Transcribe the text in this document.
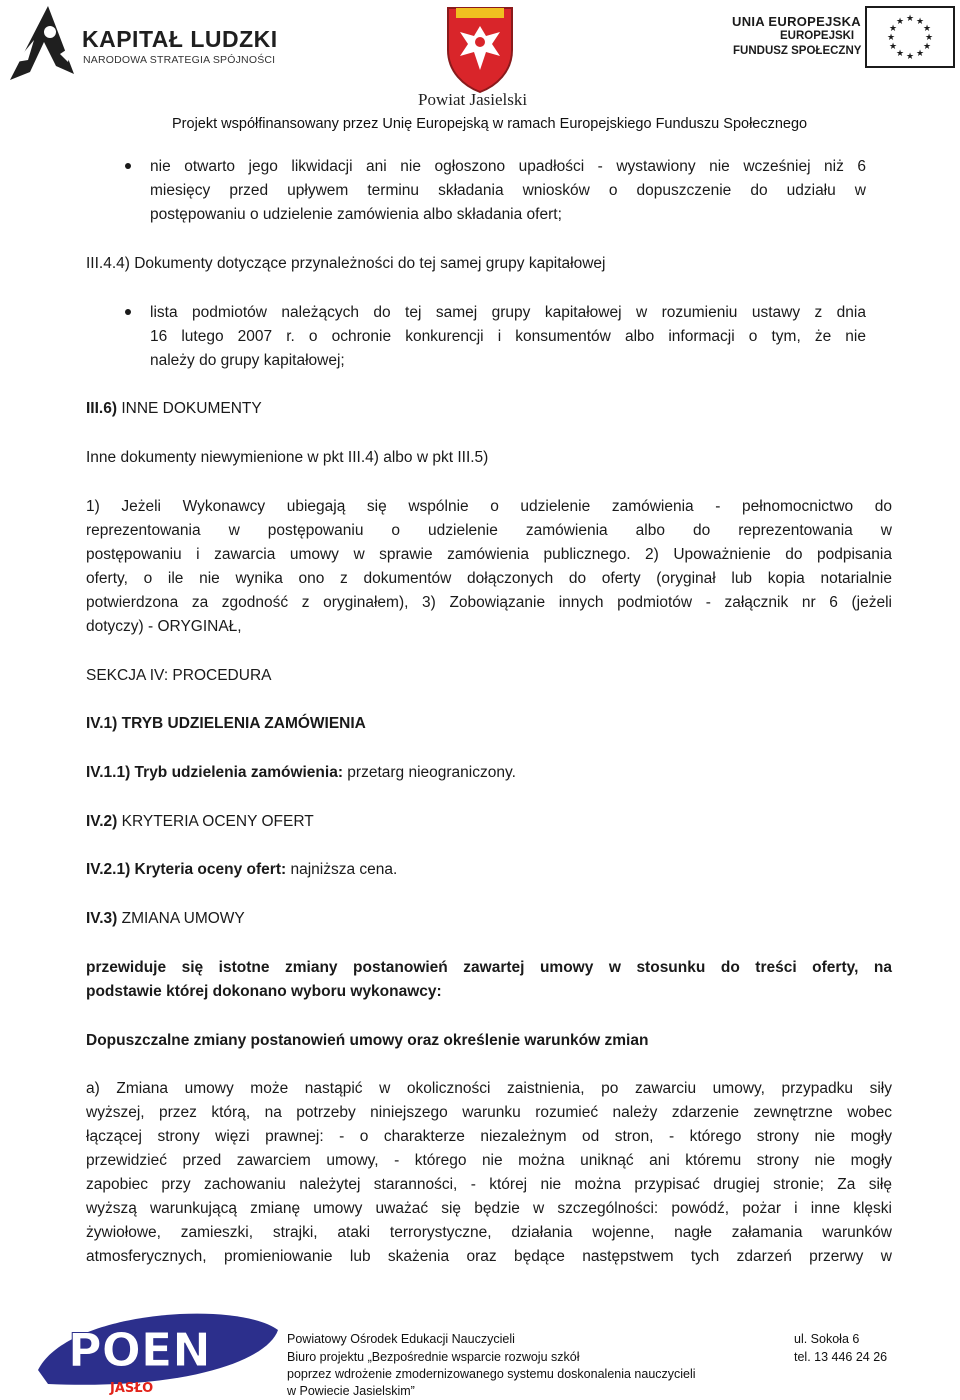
KAPITAŁ LUDZKI
NARODOWA STRATEGIA SPÓJNOŚCI
Powiat Jasielski
UNIA EUROPEJSKA
EUROPEJSKI
FUNDUSZ SPOŁECZNY
★ ★
★
★
★
★
★
★
★
★
★
★
Projekt współfinansowany przez Unię Europejską w ramach Europejskiego Funduszu Społecznego
nie otwarto jego likwidacji ani nie ogłoszono upadłości - wystawiony nie wcześniej niż 6
miesięcy przed upływem terminu składania wniosków o dopuszczenie do udziału w
postępowaniu o udzielenie zamówienia albo składania ofert;
III.4.4) Dokumenty dotyczące przynależności do tej samej grupy kapitałowej
lista podmiotów należących do tej samej grupy kapitałowej w rozumieniu ustawy z dnia
16 lutego 2007 r. o ochronie konkurencji i konsumentów albo informacji o tym, że nie
należy do grupy kapitałowej;
III.6) INNE DOKUMENTY
Inne dokumenty niewymienione w pkt III.4) albo w pkt III.5)
1) Jeżeli Wykonawcy ubiegają się wspólnie o udzielenie zamówienia - pełnomocnictwo do
reprezentowania w postępowaniu o udzielenie zamówienia albo do reprezentowania w
postępowaniu i zawarcia umowy w sprawie zamówienia publicznego. 2) Upoważnienie do podpisania
oferty, o ile nie wynika ono z dokumentów dołączonych do oferty (oryginał lub kopia notarialnie
potwierdzona za zgodność z oryginałem), 3) Zobowiązanie innych podmiotów - załącznik nr 6 (jeżeli
dotyczy) - ORYGINAŁ,
SEKCJA IV: PROCEDURA
IV.1) TRYB UDZIELENIA ZAMÓWIENIA
IV.1.1) Tryb udzielenia zamówienia: przetarg nieograniczony.
IV.2) KRYTERIA OCENY OFERT
IV.2.1) Kryteria oceny ofert: najniższa cena.
IV.3) ZMIANA UMOWY
przewiduje się istotne zmiany postanowień zawartej umowy w stosunku do treści oferty, na
podstawie której dokonano wyboru wykonawcy:
Dopuszczalne zmiany postanowień umowy oraz określenie warunków zmian
a) Zmiana umowy może nastąpić w okoliczności zaistnienia, po zawarciu umowy, przypadku siły
wyższej, przez którą, na potrzeby niniejszego warunku rozumieć należy zdarzenie zewnętrzne wobec
łączącej strony więzi prawnej: - o charakterze niezależnym od stron, - którego strony nie mogły
przewidzieć przed zawarciem umowy, - którego nie można uniknąć ani któremu strony nie mogły
zapobiec przy zachowaniu należytej staranności, - której nie można przypisać drugiej stronie; Za siłę
wyższą warunkującą zmianę umowy uważać się będzie w szczególności: powódź, pożar i inne klęski
żywiołowe, zamieszki, strajki, ataki terrorystyczne, działania wojenne, nagłe załamania warunków
atmosferycznych, promieniowanie lub skażenia oraz będące następstwem tych zdarzeń przerwy w
POEN
JASŁO
Powiatowy Ośrodek Edukacji Nauczycieli	ul. Sokoła 6
Biuro projektu „Bezpośrednie wsparcie rozwoju szkół	tel. 13 446 24 26
poprzez wdrożenie zmodernizowanego systemu doskonalenia nauczycieli
w Powiecie Jasielskim”
